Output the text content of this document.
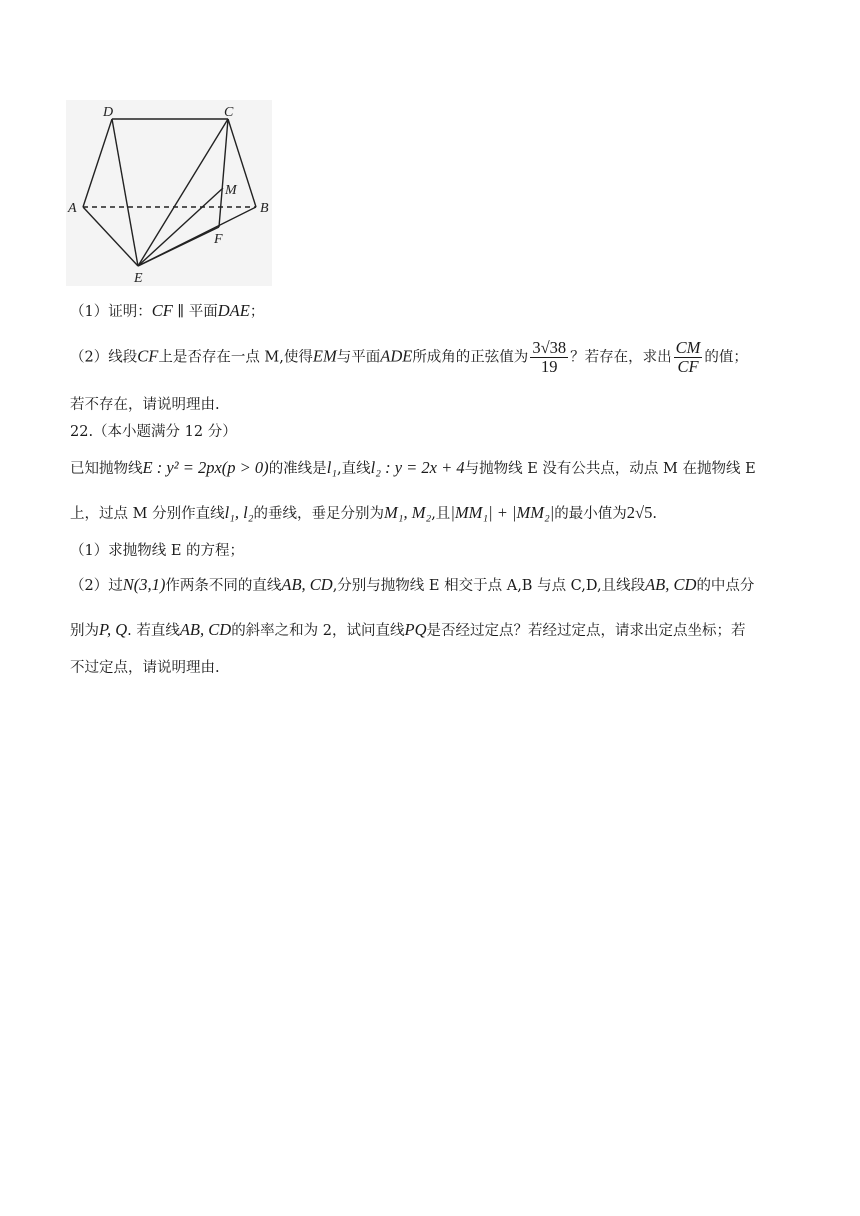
D	C
A	B
M
F
E
（1）证明：CF ∥ 平面DAE；
（2）线段CF上是否存在一点 M,使得EM与平面ADE所成角的正弦值为 $\frac{3√38}{19}$ ？若存在，求出 $\frac{CM}{CF}$ 的值；
若不存在，请说明理由.
22.（本小题满分 12 分）
已知抛物线E : y² = 2px(p > 0)的准线是l₁,直线l₂ : y = 2x + 4与抛物线 E 没有公共点，动点 M 在抛物线 E
上，过点 M 分别作直线l₁, l₂的垂线，垂足分别为M₁, M₂,且|MM₁| + |MM₂|的最小值为2√5.
（1）求抛物线 E 的方程；
（2）过N(3,1)作两条不同的直线AB, CD,分别与抛物线 E 相交于点 A,B 与点 C,D,且线段AB, CD的中点分
别为P, Q. 若直线AB, CD的斜率之和为 2，试问直线PQ是否经过定点？若经过定点，请求出定点坐标；若
不过定点，请说明理由.
